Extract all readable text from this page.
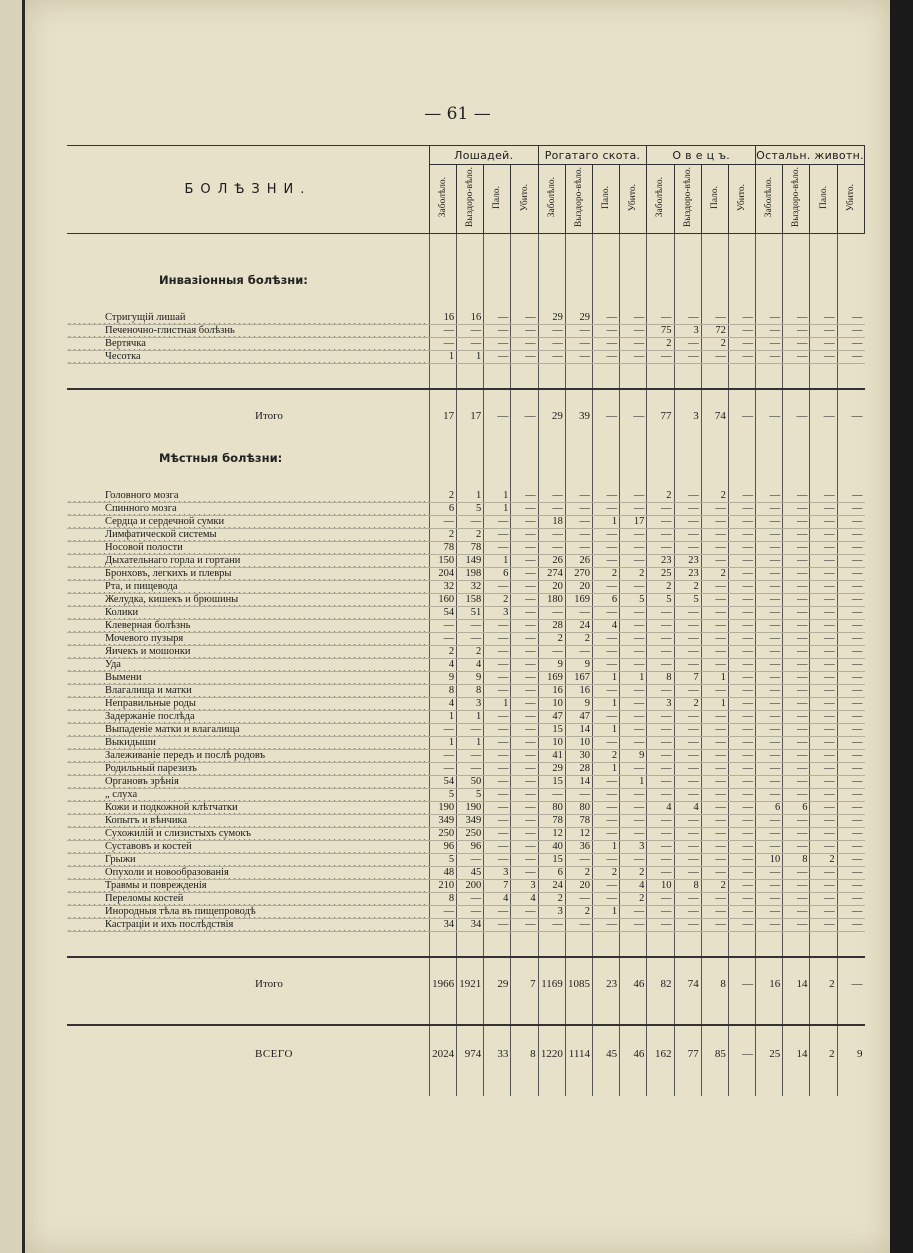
— 61 —
БОЛѢЗНИ.	Лошадей.				Рогатаго скота.				О в е ц ъ.				Остальн. животн.			
	Заболѣло.	Выздоро-вѣло.	Пало.	Убито.	Заболѣло.	Выздоро-вѣло.	Пало.	Убито.	Заболѣло.	Выздоро-вѣло.	Пало.	Убито.	Заболѣло.	Выздоро-вѣло.	Пало.	Убито.

Инвазіонныя болѣзни:																

Стригущій лишай	16	16	—	—	29	29	—	—	—	—	—	—	—	—	—	—
Печеночно-глистная болѣзнь	—	—	—	—	—	—	—	—	75	3	72	—	—	—	—	—
Вертячка	—	—	—	—	—	—	—	—	2	—	2	—	—	—	—	—
Чесотка	1	1	—	—	—	—	—	—	—	—	—	—	—	—	—	—

Итого	17	17	—	—	29	39	—	—	77	3	74	—	—	—	—	—

Мѣстныя болѣзни:																

Головного мозга	2	1	1	—	—	—	—	—	2	—	2	—	—	—	—	—
Спинного мозга	6	5	1	—	—	—	—	—	—	—	—	—	—	—	—	—
Сердца и сердечной сумки	—	—	—	—	18	—	1	17	—	—	—	—	—	—	—	—
Лимфатической системы	2	2	—	—	—	—	—	—	—	—	—	—	—	—	—	—
Носовой полости	78	78	—	—	—	—	—	—	—	—	—	—	—	—	—	—
Дыхательнаго горла и гортани	150	149	1	—	26	26	—	—	23	23	—	—	—	—	—	—
Бронховъ, легкихъ и плевры	204	198	6	—	274	270	2	2	25	23	2	—	—	—	—	—
Рта, и пищевода	32	32	—	—	20	20	—	—	2	2	—	—	—	—	—	—
Желудка, кишекъ и брюшины	160	158	2	—	180	169	6	5	5	5	—	—	—	—	—	—
Колики	54	51	3	—	—	—	—	—	—	—	—	—	—	—	—	—
Клеверная болѣзнь	—	—	—	—	28	24	4	—	—	—	—	—	—	—	—	—
Мочевого пузыря	—	—	—	—	2	2	—	—	—	—	—	—	—	—	—	—
Яичекъ и мошонки	2	2	—	—	—	—	—	—	—	—	—	—	—	—	—	—
Уда	4	4	—	—	9	9	—	—	—	—	—	—	—	—	—	—
Вымени	9	9	—	—	169	167	1	1	8	7	1	—	—	—	—	—
Влагалища и матки	8	8	—	—	16	16	—	—	—	—	—	—	—	—	—	—
Неправильные роды	4	3	1	—	10	9	1	—	3	2	1	—	—	—	—	—
Задержаніе послѣда	1	1	—	—	47	47	—	—	—	—	—	—	—	—	—	—
Выпаденіе матки и влагалища	—	—	—	—	15	14	1	—	—	—	—	—	—	—	—	—
Выкидыши	1	1	—	—	10	10	—	—	—	—	—	—	—	—	—	—
Залеживаніе передъ и послѣ родовъ	—	—	—	—	41	30	2	9	—	—	—	—	—	—	—	—
Родильный парезизъ	—	—	—	—	29	28	1	—	—	—	—	—	—	—	—	—
Органовъ зрѣнія	54	50	—	—	15	14	—	1	—	—	—	—	—	—	—	—
„ слуха	5	5	—	—	—	—	—	—	—	—	—	—	—	—	—	—
Кожи и подкожной клѣтчатки	190	190	—	—	80	80	—	—	4	4	—	—	6	6	—	—
Копытъ и вѣнчика	349	349	—	—	78	78	—	—	—	—	—	—	—	—	—	—
Сухожилій и слизистыхъ сумокъ	250	250	—	—	12	12	—	—	—	—	—	—	—	—	—	—
Суставовъ и костей	96	96	—	—	40	36	1	3	—	—	—	—	—	—	—	—
Грыжи	5	—	—	—	15	—	—	—	—	—	—	—	10	8	2	—
Опухоли и новообразованія	48	45	3	—	6	2	2	2	—	—	—	—	—	—	—	—
Травмы и поврежденія	210	200	7	3	24	20	—	4	10	8	2	—	—	—	—	—
Переломы костей	8	—	4	4	2	—	—	2	—	—	—	—	—	—	—	—
Инородныя тѣла въ пищепроводѣ	—	—	—	—	3	2	1	—	—	—	—	—	—	—	—	—
Кастраціи и ихъ послѣдствія	34	34	—	—	—	—	—	—	—	—	—	—	—	—	—	—

Итого	1966	1921	29	7	1169	1085	23	46	82	74	8	—	16	14	2	—

ВСЕГО	2024	974	33	8	1220	1114	45	46	162	77	85	—	25	14	2	9
